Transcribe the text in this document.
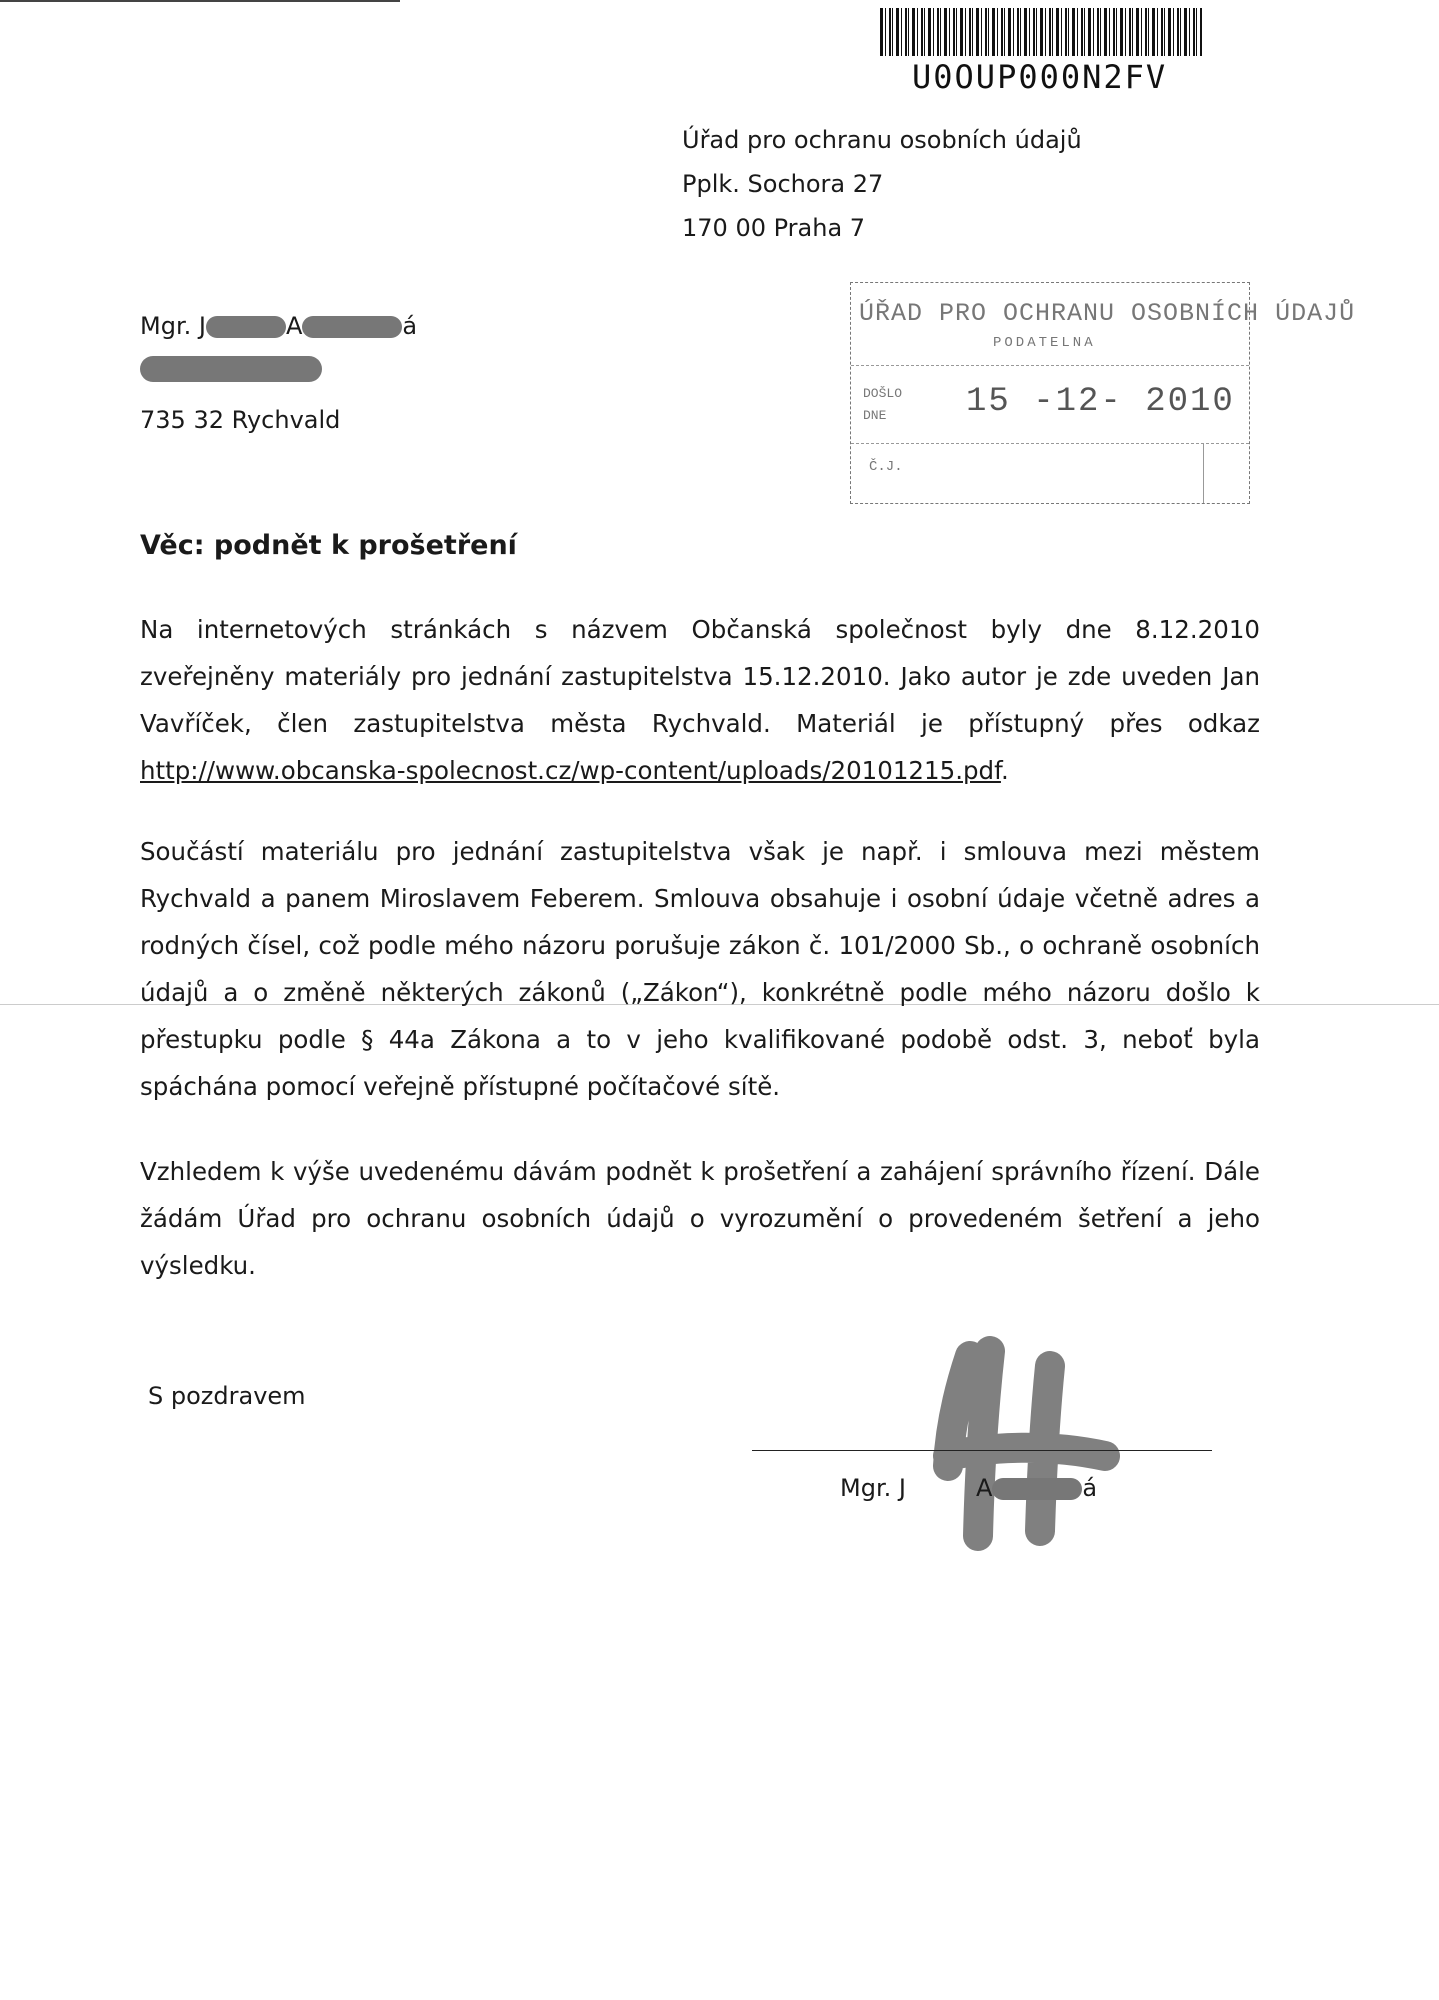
U0OUP000N2FV
Úřad pro ochranu osobních údajů
Pplk. Sochora 27
170 00 Praha 7
ÚŘAD PRO OCHRANU OSOBNÍCH ÚDAJŮ
PODATELNA
DOŠLO
DNE	15 -12- 2010
Č.J.
Mgr. J	A	á
735 32 Rychvald
Věc: podnět k prošetření
Na internetových stránkách s názvem Občanská společnost byly dne 8.12.2010 zveřejněny materiály pro jednání zastupitelstva 15.12.2010. Jako autor je zde uveden Jan Vavříček, člen zastupitelstva města Rychvald. Materiál je přístupný přes odkaz http://www.obcanska-spolecnost.cz/wp-content/uploads/20101215.pdf.
Součástí materiálu pro jednání zastupitelstva však je např. i smlouva mezi městem Rychvald a panem Miroslavem Feberem. Smlouva obsahuje i osobní údaje včetně adres a rodných čísel, což podle mého názoru porušuje zákon č. 101/2000 Sb., o ochraně osobních údajů a o změně některých zákonů („Zákon“), konkrétně podle mého názoru došlo k přestupku podle § 44a Zákona a to v jeho kvalifikované podobě odst. 3, neboť byla spáchána pomocí veřejně přístupné počítačové sítě.
Vzhledem k výše uvedenému dávám podnět k prošetření a zahájení správního řízení. Dále žádám Úřad pro ochranu osobních údajů o vyrozumění o provedeném šetření a jeho výsledku.
S pozdravem
Mgr. J	A	á
